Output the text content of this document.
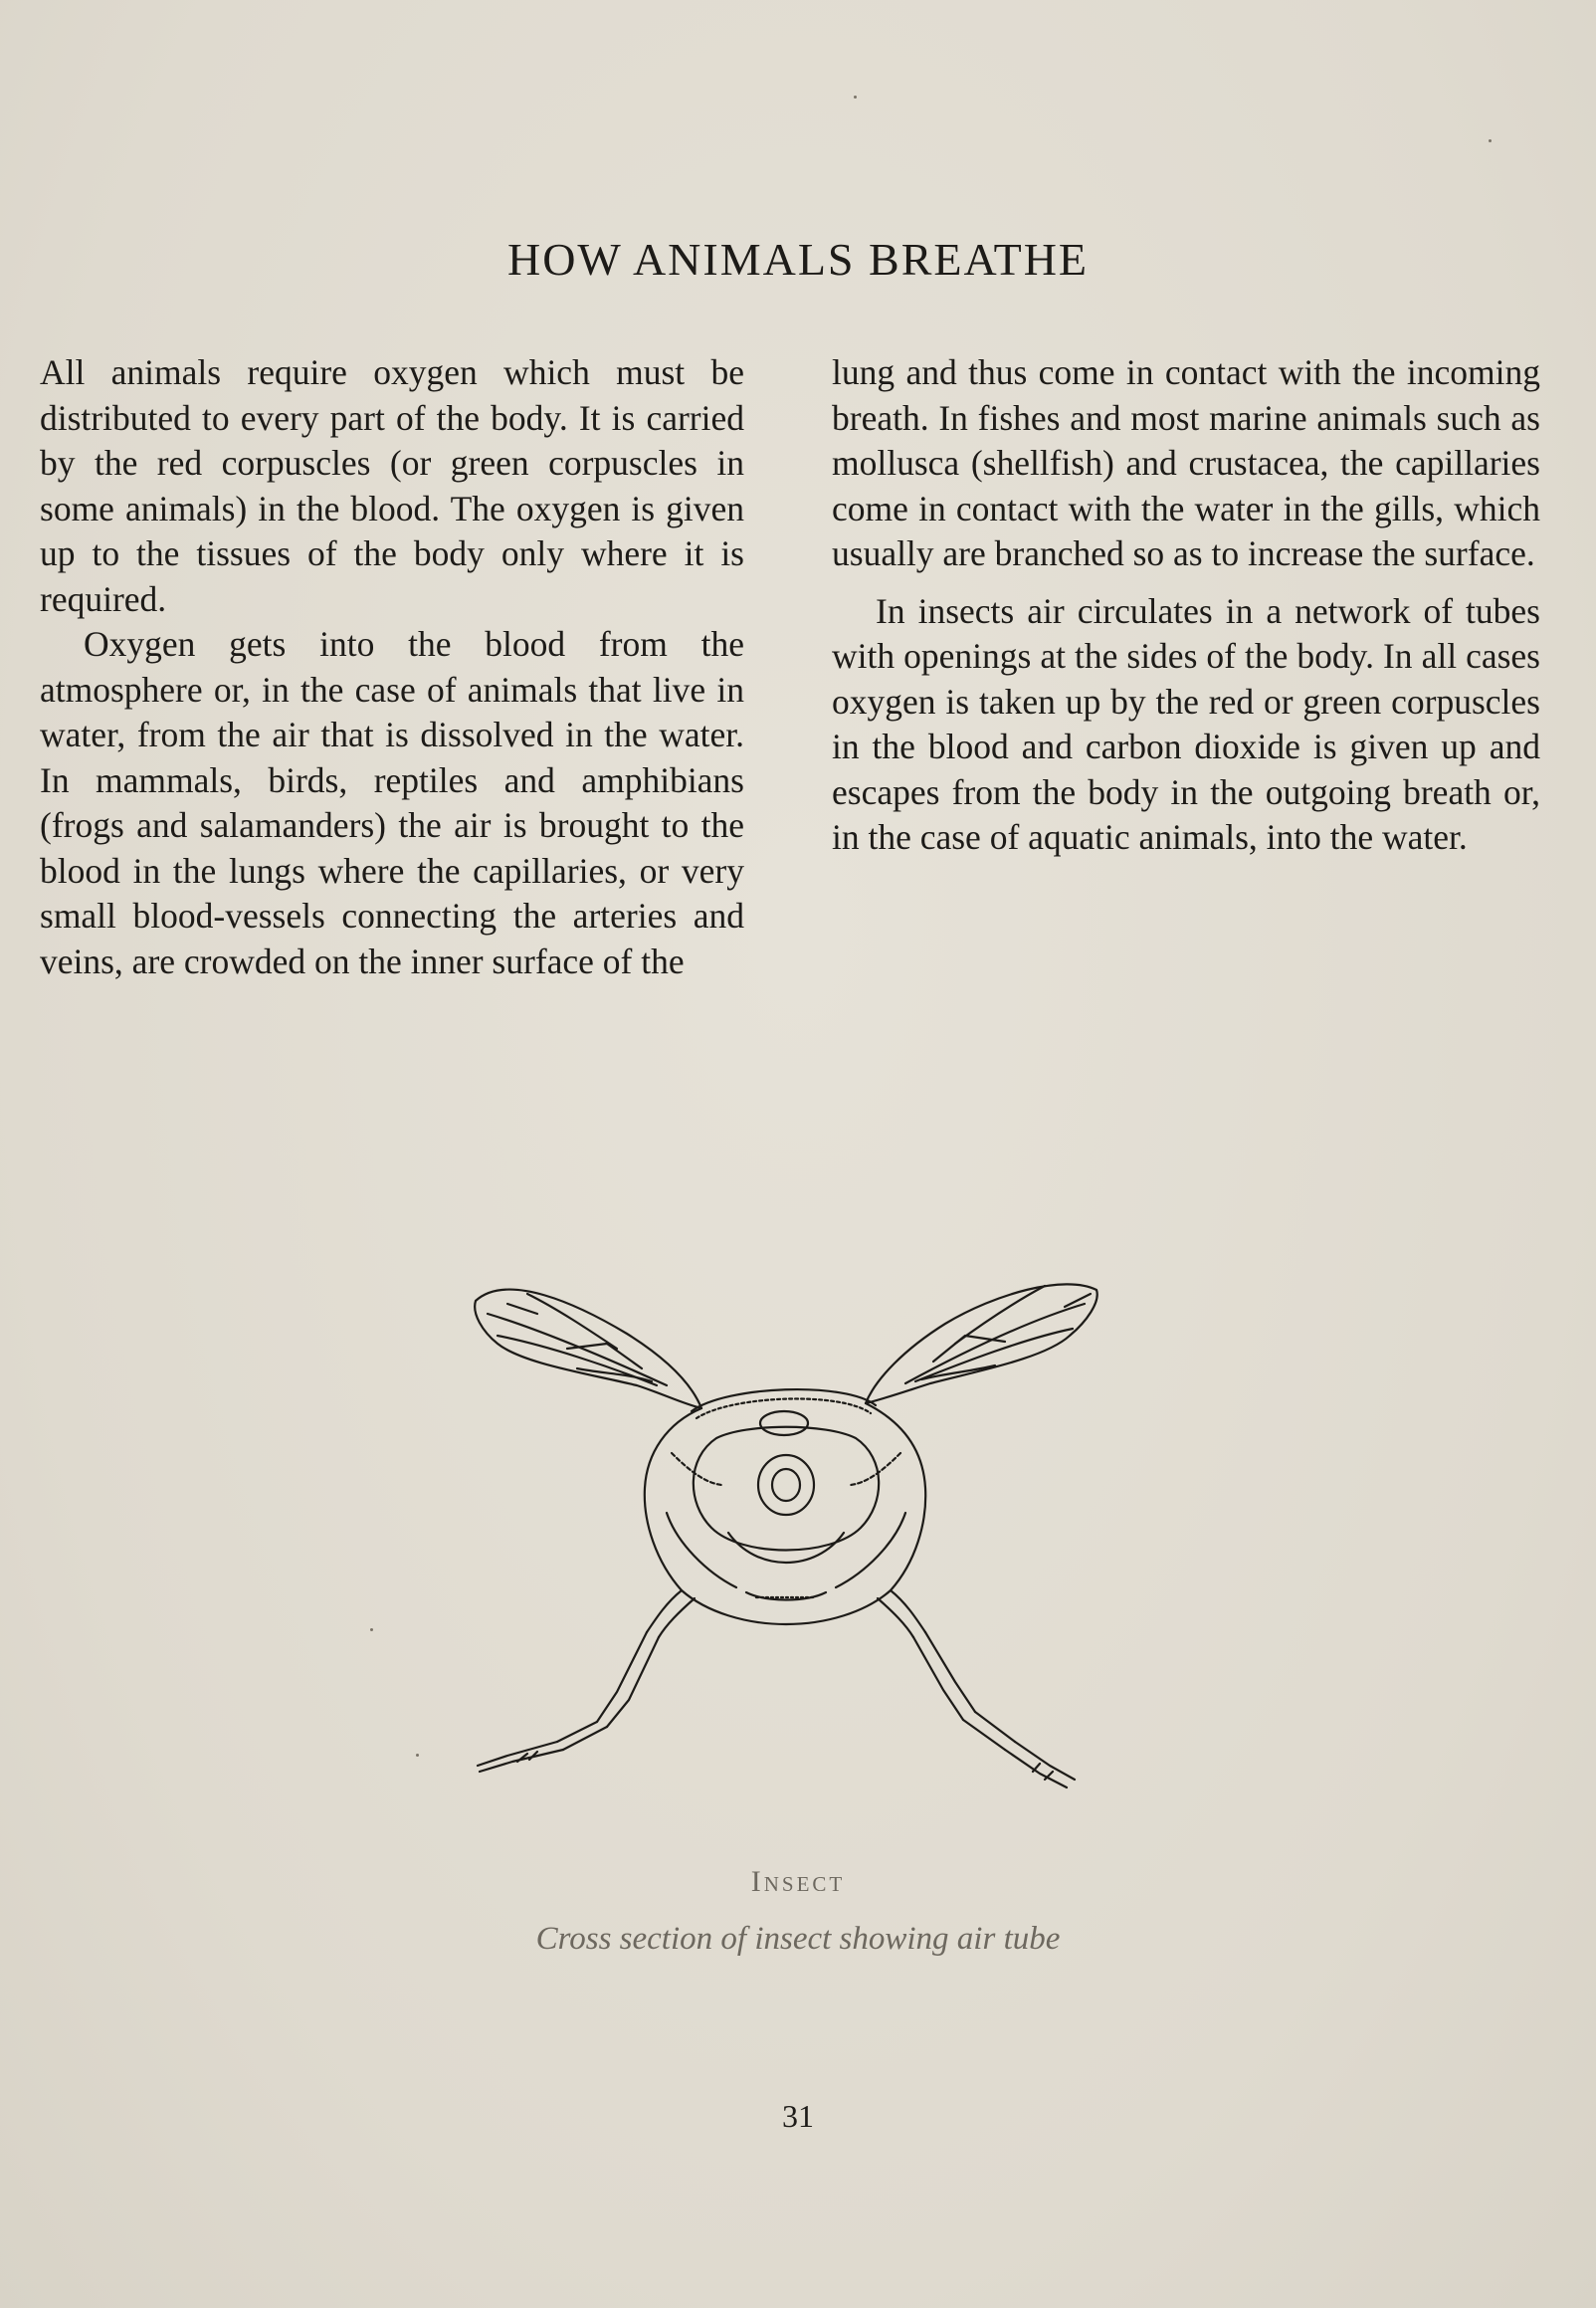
HOW ANIMALS BREATHE

All animals require oxygen which must be distributed to every part of the body. It is carried by the red corpuscles (or green corpuscles in some animals) in the blood. The oxygen is given up to the tissues of the body only where it is required.

Oxygen gets into the blood from the atmosphere or, in the case of animals that live in water, from the air that is dissolved in the water. In mammals, birds, reptiles and amphibians (frogs and salamanders) the air is brought to the blood in the lungs where the capillaries, or very small blood-vessels connecting the arteries and veins, are crowded on the inner surface of the

lung and thus come in contact with the incoming breath. In fishes and most marine animals such as mollusca (shellfish) and crustacea, the capillaries come in contact with the water in the gills, which usually are branched so as to increase the surface.

In insects air circulates in a network of tubes with openings at the sides of the body. In all cases oxygen is taken up by the red or green corpuscles in the blood and carbon dioxide is given up and escapes from the body in the outgoing breath or, in the case of aquatic animals, into the water.

Insect
Cross section of insect showing air tube
31
